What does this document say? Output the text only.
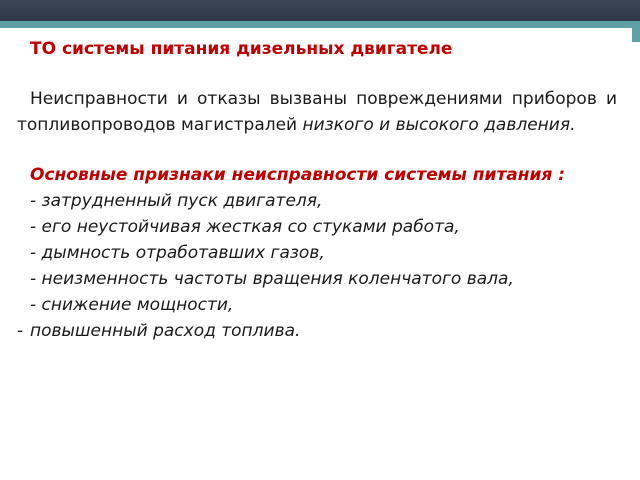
ТО системы питания дизельных двигателе
Неисправности и отказы вызваны повреждениями приборов и топливопроводов магистралей низкого и высокого давления.
Основные признаки неисправности системы питания :
- затрудненный пуск двигателя,
- его неустойчивая жесткая со стуками работа,
- дымность отработавших газов,
- неизменность частоты вращения коленчатого вала,
- снижение мощности,
- повышенный расход топлива.
